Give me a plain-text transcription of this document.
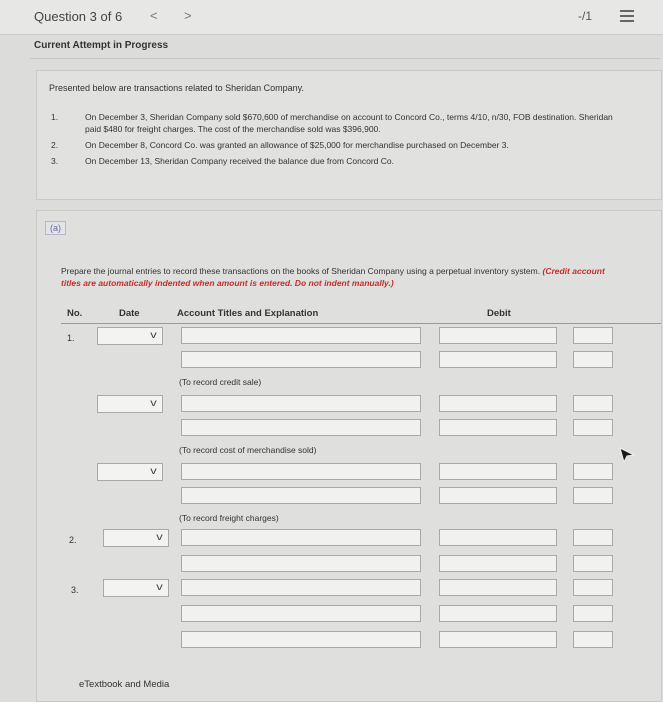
Question 3 of 6 < >	-/1
Current Attempt in Progress
Presented below are transactions related to Sheridan Company.
1.	On December 3, Sheridan Company sold $670,600 of merchandise on account to Concord Co., terms 4/10, n/30, FOB destination. Sheridan paid $480 for freight charges. The cost of the merchandise sold was $396,900.
2.	On December 8, Concord Co. was granted an allowance of $25,000 for merchandise purchased on December 3.
3.	On December 13, Sheridan Company received the balance due from Concord Co.
(a)
Prepare the journal entries to record these transactions on the books of Sheridan Company using a perpetual inventory system. (Credit account titles are automatically indented when amount is entered. Do not indent manually.)
No.	Date	Account Titles and Explanation	Debit
1.	v
(To record credit sale)
v
(To record cost of merchandise sold)
v
(To record freight charges)
2.	v
3.	v
eTextbook and Media
